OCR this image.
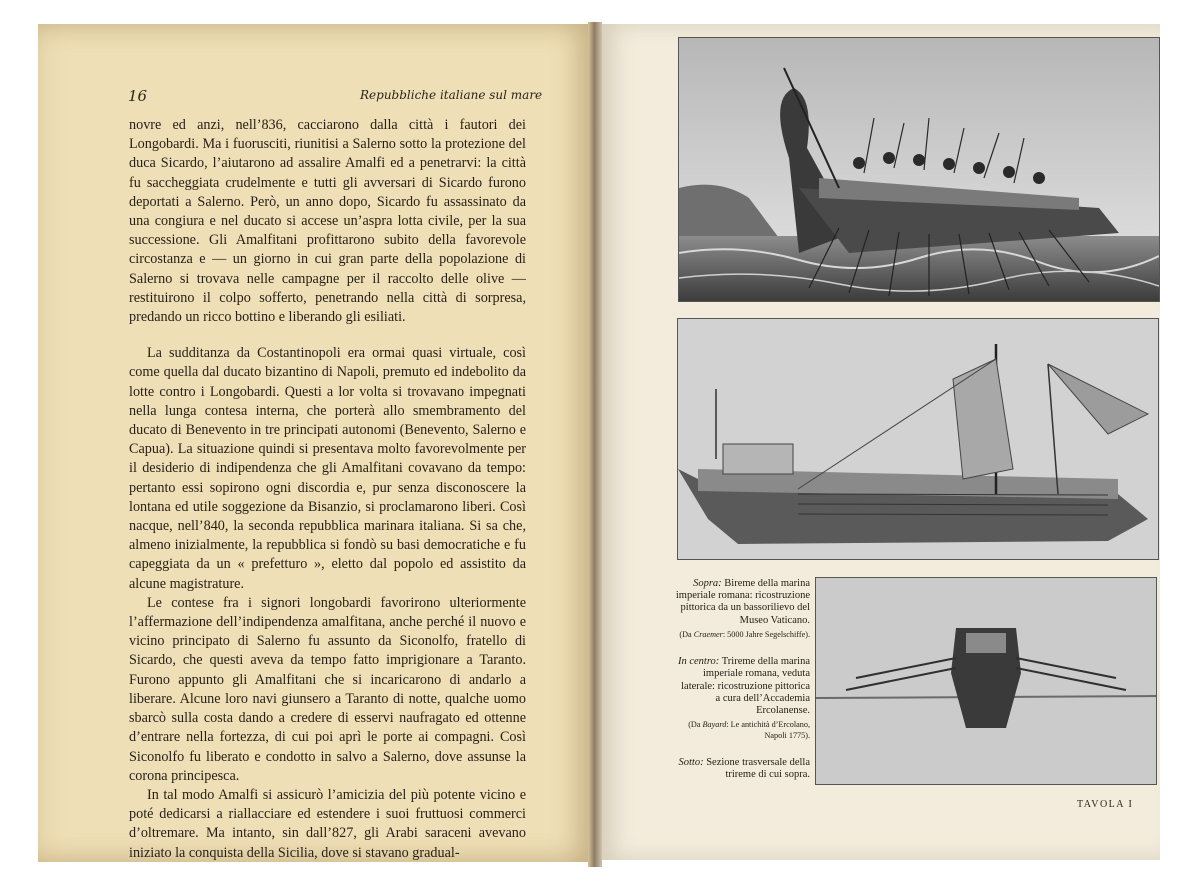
16	Repubbliche italiane sul mare

novre ed anzi, nell’836, cacciarono dalla città i fautori dei Longobardi. Ma i fuorusciti, riunitisi a Salerno sotto la protezione del duca Sicardo, l’aiutarono ad assalire Amalfi ed a penetrarvi: la città fu saccheggiata crudelmente e tutti gli avversari di Sicardo furono deportati a Salerno. Però, un anno dopo, Sicardo fu assassinato da una congiura e nel ducato si accese un’aspra lotta civile, per la sua successione. Gli Amalfitani profittarono subito della favorevole circostanza e — un giorno in cui gran parte della popolazione di Salerno si trovava nelle campagne per il raccolto delle olive — restituirono il colpo sofferto, penetrando nella città di sorpresa, predando un ricco bottino e liberando gli esiliati.

La sudditanza da Costantinopoli era ormai quasi virtuale, così come quella dal ducato bizantino di Napoli, premuto ed indebolito da lotte contro i Longobardi. Questi a lor volta si trovavano impegnati nella lunga contesa interna, che porterà allo smembramento del ducato di Benevento in tre principati autonomi (Benevento, Salerno e Capua). La situazione quindi si presentava molto favorevolmente per il desiderio di indipendenza che gli Amalfitani covavano da tempo: pertanto essi sopirono ogni discordia e, pur senza disconoscere la lontana ed utile soggezione da Bisanzio, si proclamarono liberi. Così nacque, nell’840, la seconda repubblica marinara italiana. Si sa che, almeno inizialmente, la repubblica si fondò su basi democratiche e fu capeggiata da un « prefetturo », eletto dal popolo ed assistito da alcune magistrature.

Le contese fra i signori longobardi favorirono ulteriormente l’affermazione dell’indipendenza amalfitana, anche perché il nuovo e vicino principato di Salerno fu assunto da Siconolfo, fratello di Sicardo, che questi aveva da tempo fatto imprigionare a Taranto. Furono appunto gli Amalfitani che si incaricarono di andarlo a liberare. Alcune loro navi giunsero a Taranto di notte, qualche uomo sbarcò sulla costa dando a credere di esservi naufragato ed ottenne d’entrare nella fortezza, di cui poi aprì le porte ai compagni. Così Siconolfo fu liberato e condotto in salvo a Salerno, dove assunse la corona principesca.

In tal modo Amalfi si assicurò l’amicizia del più potente vicino e poté dedicarsi a riallacciare ed estendere i suoi fruttuosi commerci d’oltremare. Ma intanto, sin dall’827, gli Arabi saraceni avevano iniziato la conquista della Sicilia, dove si stavano gradual-

Sopra: Bireme della marina imperiale romana: ricostruzione pittorica da un bassorilievo del Museo Vaticano.
(Da Craemer: 5000 Jahre Segelschiffe).
In centro: Trireme della marina imperiale romana, veduta laterale: ricostruzione pittorica a cura dell’Accademia Ercolanense.
(Da Bayard: Le antichità d’Ercolano, Napoli 1775).
Sotto: Sezione trasversale della trireme di cui sopra.
TAVOLA I
